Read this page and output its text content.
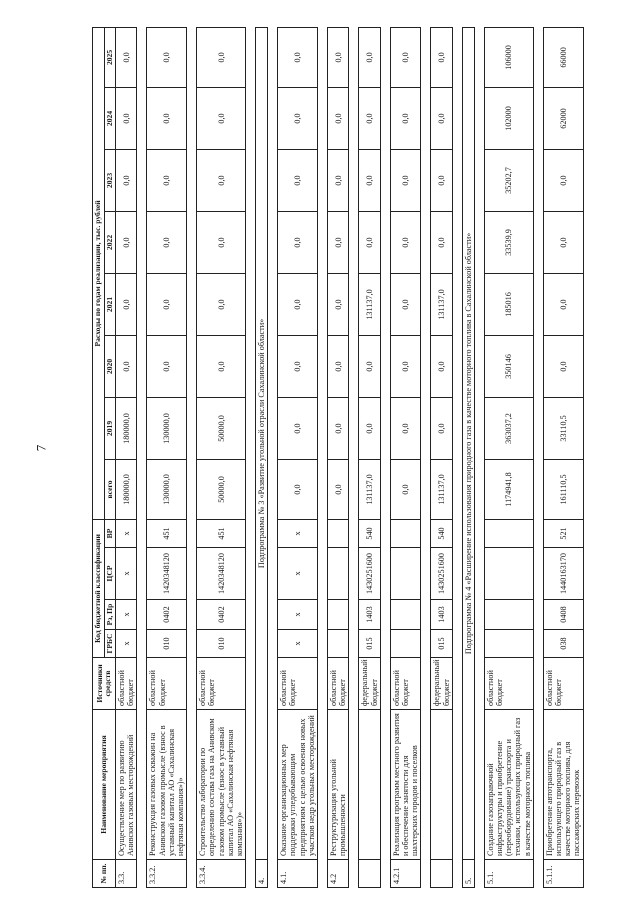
№ пп.	Наименование мероприятия	Источники средств	Код бюджетной классификации				Расходы по годам реализации, тыс. рублей							
			ГРБС	Рз, Пр	ЦСР	ВР	всего	2019	2020	2021	2022	2023	2024	2025
3.3.	Осуществление мер по развитию Анивских газовых месторождений	областной бюджет	х	х	х	х	180000,0	180000,0	0,0	0,0	0,0	0,0	0,0	0,0

3.3.2.	Реконструкция газовых скважин на Анивском газовом промысле (взнос в уставный капитал АО «Сахалинская нефтяная компания»)»	областной бюджет	010	0402	1420348120	451	130000,0	130000,0	0,0	0,0	0,0	0,0	0,0	0,0

3.3.4.	Строительство лаборатории по определению состава газа на Анивском газовом промысле (взнос в уставный капитал АО «Сахалинская нефтяная компания»)»	областной бюджет	010	0402	1420348120	451	50000,0	50000,0	0,0	0,0	0,0	0,0	0,0	0,0

4.	Подпрограмма № 3 «Развитие угольной отрасли Сахалинской области»													

4.1.	Оказание организационных мер поддержки угледобывающим предприятиям с целью освоения новых участков недр угольных месторождений	областной бюджет	х	х	х	х	0,0	0,0	0,0	0,0	0,0	0,0	0,0	0,0

4.2	Реструктуризация угольной промышленности	областной бюджет					0,0	0,0	0,0	0,0	0,0	0,0	0,0	0,0

		федеральный бюджет	015	1403	1430251600	540	131137,0	0,0	0,0	131137,0	0,0	0,0	0,0	0,0

4.2.1	Реализация программ местного развития и обеспечение занятости для шахтерских городов и поселков	областной бюджет					0,0	0,0	0,0	0,0	0,0	0,0	0,0	0,0

		федеральный бюджет	015	1403	1430251600	540	131137,0	0,0	0,0	131137,0	0,0	0,0	0,0	0,0

5.	Подпрограмма № 4 «Расширение использования природного газа в качестве моторного топлива в Сахалинской области»													

5.1.	Создание газозаправочной инфраструктуры и приобретение (переоборудование) транспорта и техники, использующих природный газ в качестве моторного топлива	областной бюджет					1174941,8	363037,2	350146	185016	33539,9	35202,7	102000	106000

5.1.1.	Приобретение автотранспорта, использующего природный газ в качестве моторного топлива, для пассажирских перевозок	областной бюджет	038	0408	1440163170	521	161110,5	33110,5	0,0	0,0	0,0	0,0	62000	66000
7
